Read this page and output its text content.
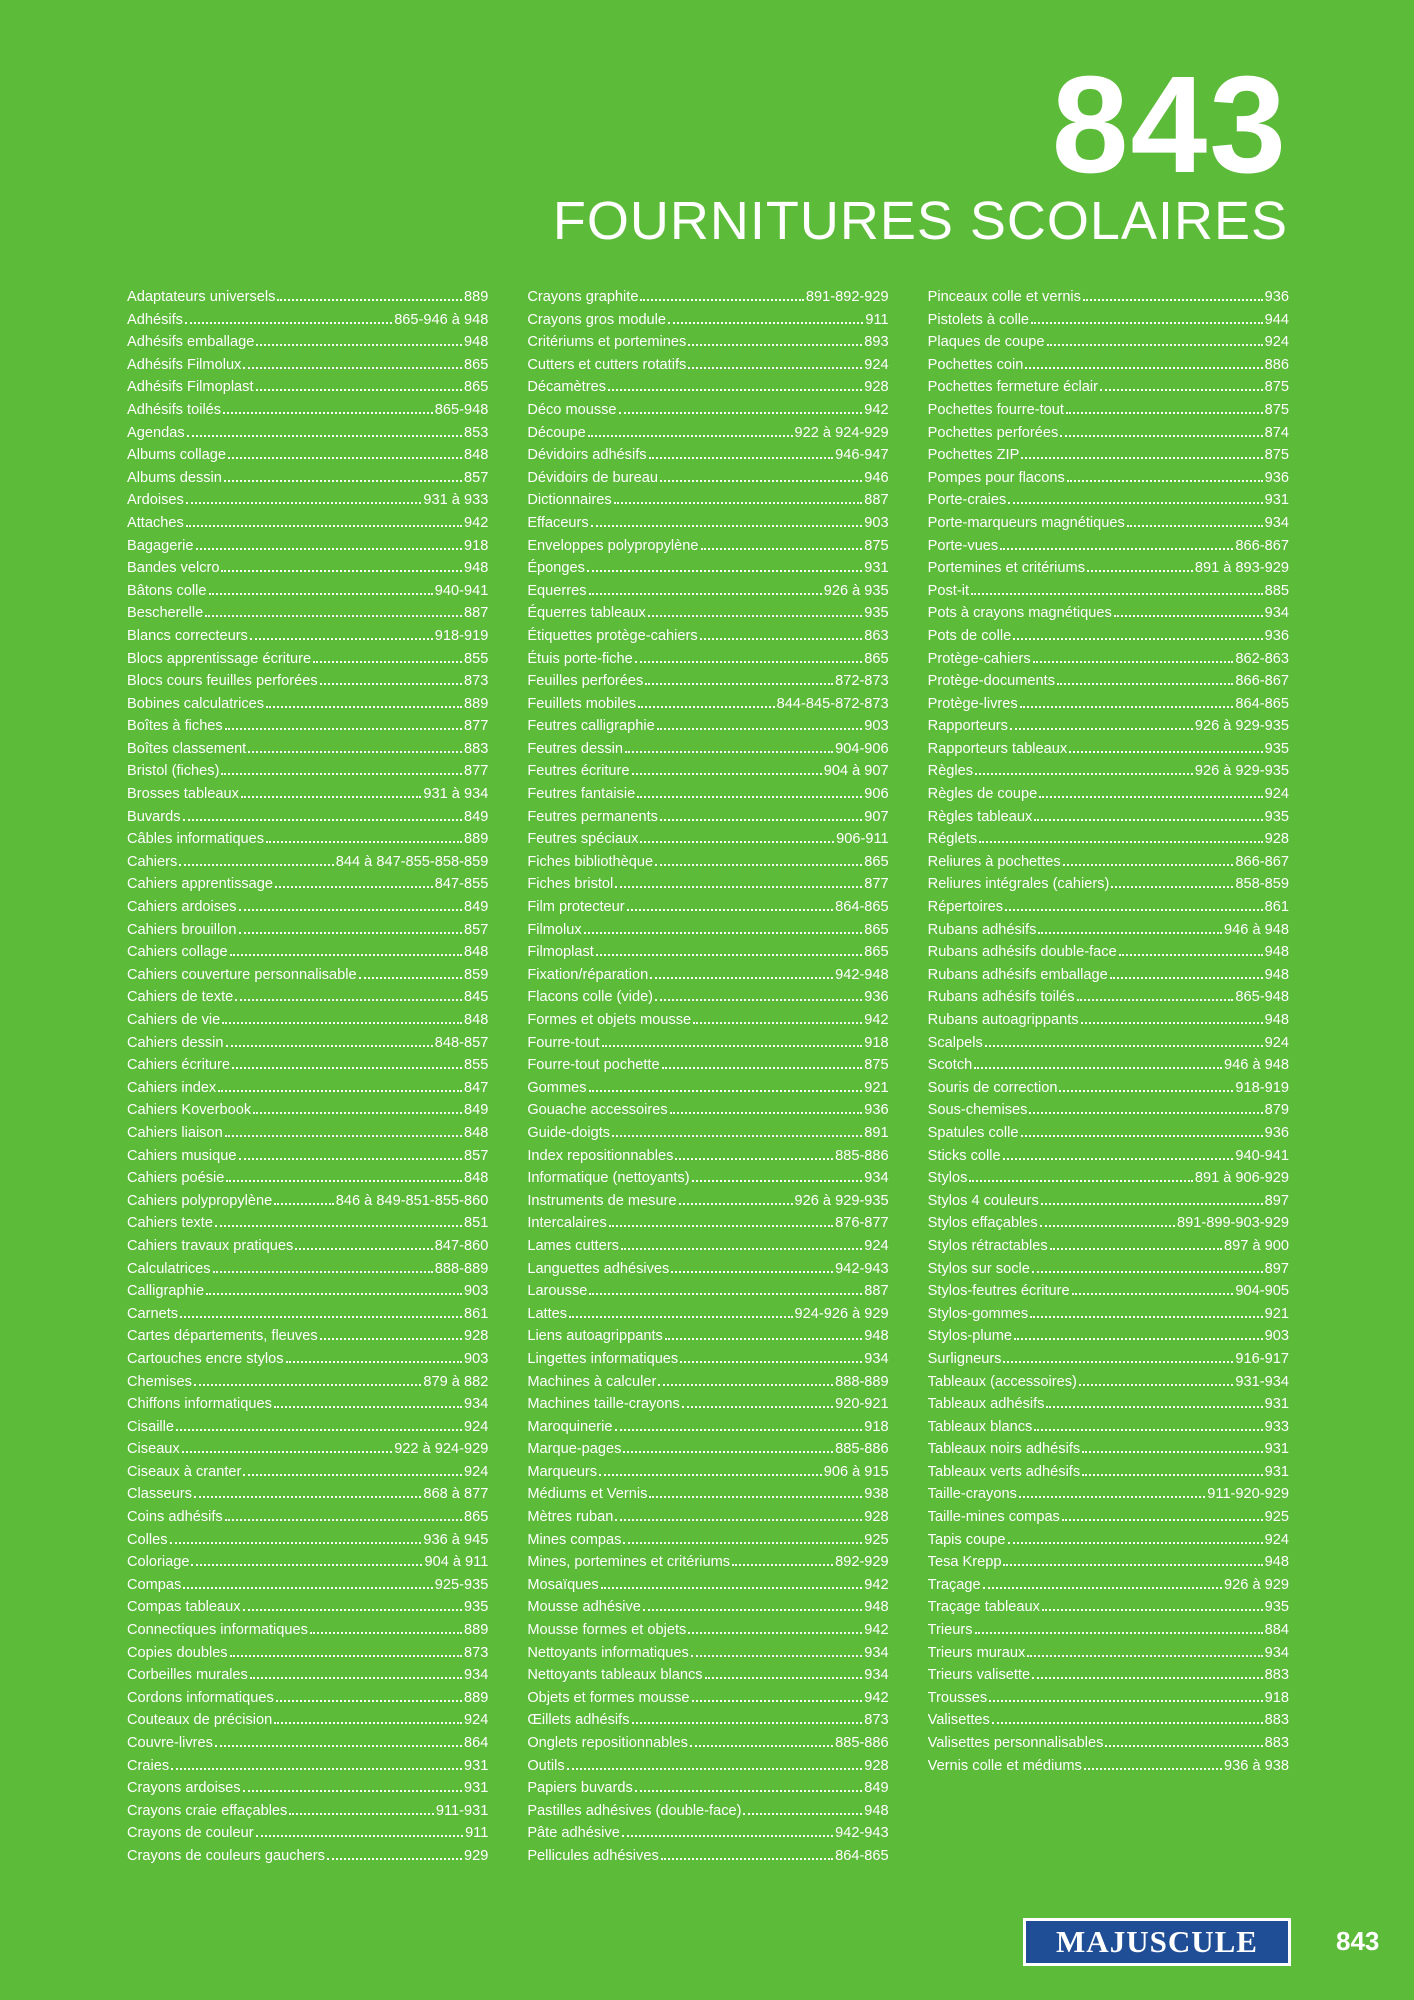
843
FOURNITURES SCOLAIRES
Adaptateurs universels	889
Adhésifs	865-946 à 948
Adhésifs emballage	948
Adhésifs Filmolux	865
Adhésifs Filmoplast	865
Adhésifs toilés	865-948
Agendas	853
Albums collage	848
Albums dessin	857
Ardoises	931 à 933
Attaches	942
Bagagerie	918
Bandes velcro	948
Bâtons colle	940-941
Bescherelle	887
Blancs correcteurs	918-919
Blocs apprentissage écriture	855
Blocs cours feuilles perforées	873
Bobines calculatrices	889
Boîtes à fiches	877
Boîtes classement	883
Bristol (fiches)	877
Brosses tableaux	931 à 934
Buvards	849
Câbles informatiques	889
Cahiers	844 à 847-855-858-859
Cahiers apprentissage	847-855
Cahiers ardoises	849
Cahiers brouillon	857
Cahiers collage	848
Cahiers couverture personnalisable	859
Cahiers de texte	845
Cahiers de vie	848
Cahiers dessin	848-857
Cahiers écriture	855
Cahiers index	847
Cahiers Koverbook	849
Cahiers liaison	848
Cahiers musique	857
Cahiers poésie	848
Cahiers polypropylène	846 à 849-851-855-860
Cahiers texte	851
Cahiers travaux pratiques	847-860
Calculatrices	888-889
Calligraphie	903
Carnets	861
Cartes départements, fleuves	928
Cartouches encre stylos	903
Chemises	879 à 882
Chiffons informatiques	934
Cisaille	924
Ciseaux	922 à 924-929
Ciseaux à cranter	924
Classeurs	868 à 877
Coins adhésifs	865
Colles	936 à 945
Coloriage	904 à 911
Compas	925-935
Compas tableaux	935
Connectiques informatiques	889
Copies doubles	873
Corbeilles murales	934
Cordons informatiques	889
Couteaux de précision	924
Couvre-livres	864
Craies	931
Crayons ardoises	931
Crayons craie effaçables	911-931
Crayons de couleur	911
Crayons de couleurs gauchers	929
Crayons graphite	891-892-929
Crayons gros module	911
Critériums et portemines	893
Cutters et cutters rotatifs	924
Décamètres	928
Déco mousse	942
Découpe	922 à 924-929
Dévidoirs adhésifs	946-947
Dévidoirs de bureau	946
Dictionnaires	887
Effaceurs	903
Enveloppes polypropylène	875
Éponges	931
Equerres	926 à 935
Équerres tableaux	935
Étiquettes protège-cahiers	863
Étuis porte-fiche	865
Feuilles perforées	872-873
Feuillets mobiles	844-845-872-873
Feutres calligraphie	903
Feutres dessin	904-906
Feutres écriture	904 à 907
Feutres fantaisie	906
Feutres permanents	907
Feutres spéciaux	906-911
Fiches bibliothèque	865
Fiches bristol	877
Film protecteur	864-865
Filmolux	865
Filmoplast	865
Fixation/réparation	942-948
Flacons colle (vide)	936
Formes et objets mousse	942
Fourre-tout	918
Fourre-tout pochette	875
Gommes	921
Gouache accessoires	936
Guide-doigts	891
Index repositionnables	885-886
Informatique (nettoyants)	934
Instruments de mesure	926 à 929-935
Intercalaires	876-877
Lames cutters	924
Languettes adhésives	942-943
Larousse	887
Lattes	924-926 à 929
Liens autoagrippants	948
Lingettes informatiques	934
Machines à calculer	888-889
Machines taille-crayons	920-921
Maroquinerie	918
Marque-pages	885-886
Marqueurs	906 à 915
Médiums et Vernis	938
Mètres ruban	928
Mines compas	925
Mines, portemines et critériums	892-929
Mosaïques	942
Mousse adhésive	948
Mousse formes et objets	942
Nettoyants informatiques	934
Nettoyants tableaux blancs	934
Objets et formes mousse	942
Œillets adhésifs	873
Onglets repositionnables	885-886
Outils	928
Papiers buvards	849
Pastilles adhésives (double-face)	948
Pâte adhésive	942-943
Pellicules adhésives	864-865
Pinceaux colle et vernis	936
Pistolets à colle	944
Plaques de coupe	924
Pochettes coin	886
Pochettes fermeture éclair	875
Pochettes fourre-tout	875
Pochettes perforées	874
Pochettes ZIP	875
Pompes pour flacons	936
Porte-craies	931
Porte-marqueurs magnétiques	934
Porte-vues	866-867
Portemines et critériums	891 à 893-929
Post-it	885
Pots à crayons magnétiques	934
Pots de colle	936
Protège-cahiers	862-863
Protège-documents	866-867
Protège-livres	864-865
Rapporteurs	926 à 929-935
Rapporteurs tableaux	935
Règles	926 à 929-935
Règles de coupe	924
Règles tableaux	935
Réglets	928
Reliures à pochettes	866-867
Reliures intégrales (cahiers)	858-859
Répertoires	861
Rubans adhésifs	946 à 948
Rubans adhésifs double-face	948
Rubans adhésifs emballage	948
Rubans adhésifs toilés	865-948
Rubans autoagrippants	948
Scalpels	924
Scotch	946 à 948
Souris de correction	918-919
Sous-chemises	879
Spatules colle	936
Sticks colle	940-941
Stylos	891 à 906-929
Stylos 4 couleurs	897
Stylos effaçables	891-899-903-929
Stylos rétractables	897 à 900
Stylos sur socle	897
Stylos-feutres écriture	904-905
Stylos-gommes	921
Stylos-plume	903
Surligneurs	916-917
Tableaux (accessoires)	931-934
Tableaux adhésifs	931
Tableaux blancs	933
Tableaux noirs adhésifs	931
Tableaux verts adhésifs	931
Taille-crayons	911-920-929
Taille-mines compas	925
Tapis coupe	924
Tesa Krepp	948
Traçage	926 à 929
Traçage tableaux	935
Trieurs	884
Trieurs muraux	934
Trieurs valisette	883
Trousses	918
Valisettes	883
Valisettes personnalisables	883
Vernis colle et médiums	936 à 938
MAJUSCULE	843
